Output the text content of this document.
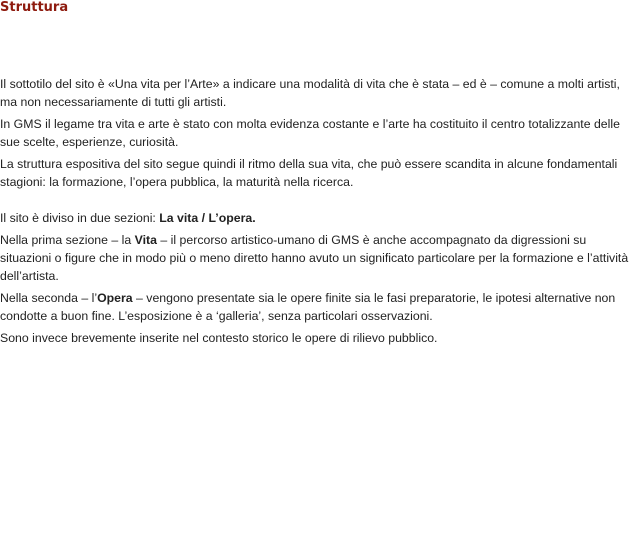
Struttura

Il sottotilo del sito è «Una vita per l’Arte» a indicare una modalità di vita che è stata – ed è – comune a molti artisti, ma non necessariamente di tutti gli artisti.

In GMS il legame tra vita e arte è stato con molta evidenza costante e l’arte ha costituito il centro totalizzante delle sue scelte, esperienze, curiosità.

La struttura espositiva del sito segue quindi il ritmo della sua vita, che può essere scandita in alcune fondamentali stagioni: la formazione, l’opera pubblica, la maturità nella ricerca.

Il sito è diviso in due sezioni: La vita / L’opera.

Nella prima sezione – la Vita – il percorso artistico-umano di GMS è anche accompagnato da digressioni su situazioni o figure che in modo più o meno diretto hanno avuto un significato particolare per la formazione e l’attività dell’artista.

Nella seconda – l’Opera – vengono presentate sia le opere finite sia le fasi preparatorie, le ipotesi alternative non condotte a buon fine. L’esposizione è a ‘galleria’, senza particolari osservazioni.

Sono invece brevemente inserite nel contesto storico le opere di rilievo pubblico.
